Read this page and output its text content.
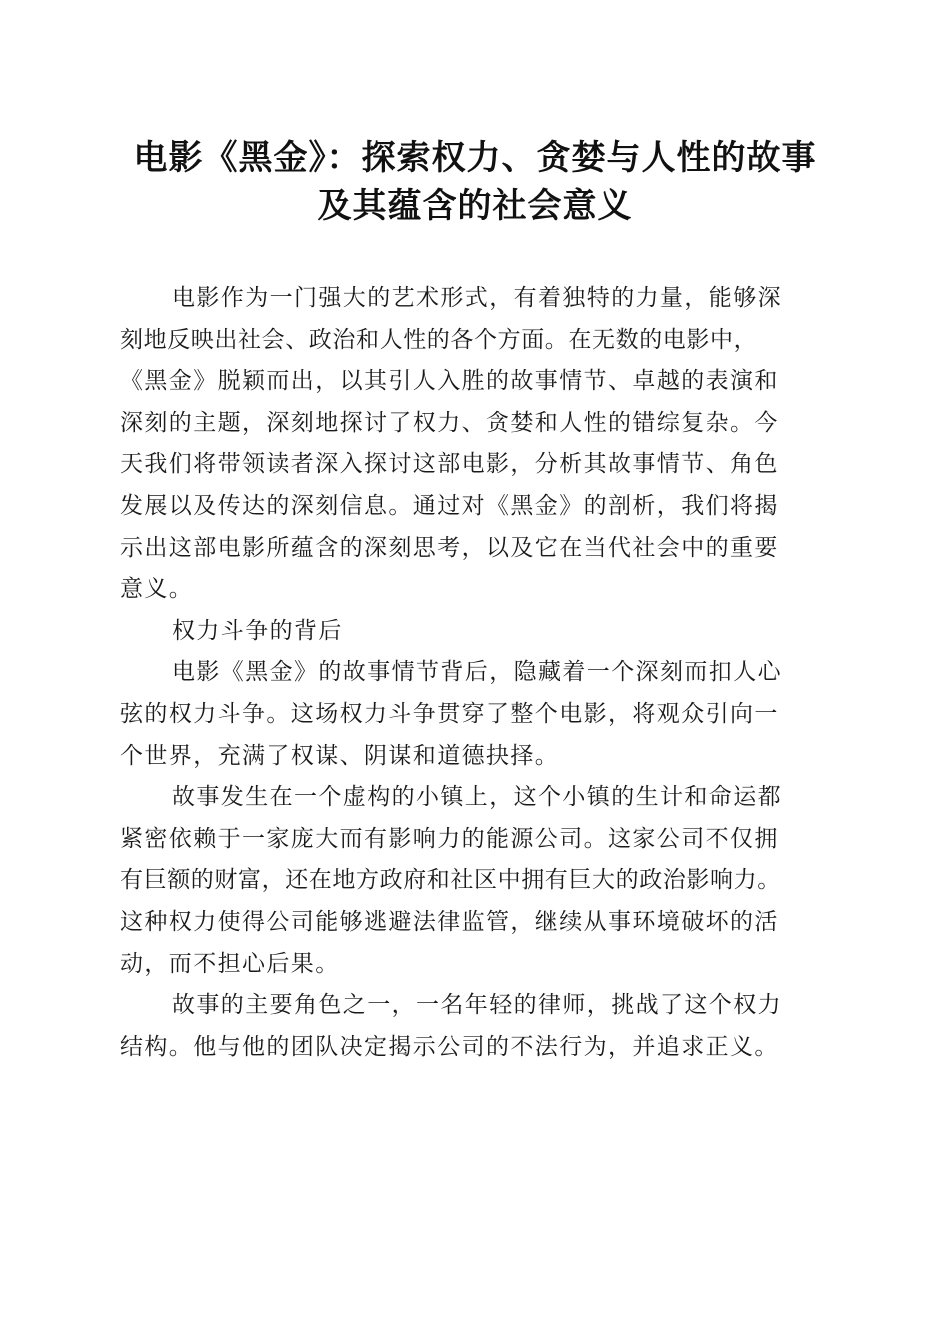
电影《黑金》：探索权力、贪婪与人性的故事
及其蕴含的社会意义
电影作为一门强大的艺术形式，有着独特的力量，能够深
刻地反映出社会、政治和人性的各个方面。在无数的电影中，
《黑金》脱颖而出，以其引人入胜的故事情节、卓越的表演和
深刻的主题，深刻地探讨了权力、贪婪和人性的错综复杂。今
天我们将带领读者深入探讨这部电影，分析其故事情节、角色
发展以及传达的深刻信息。通过对《黑金》的剖析，我们将揭
示出这部电影所蕴含的深刻思考，以及它在当代社会中的重要
意义。
权力斗争的背后
电影《黑金》的故事情节背后，隐藏着一个深刻而扣人心
弦的权力斗争。这场权力斗争贯穿了整个电影，将观众引向一
个世界，充满了权谋、阴谋和道德抉择。
故事发生在一个虚构的小镇上，这个小镇的生计和命运都
紧密依赖于一家庞大而有影响力的能源公司。这家公司不仅拥
有巨额的财富，还在地方政府和社区中拥有巨大的政治影响力。
这种权力使得公司能够逃避法律监管，继续从事环境破坏的活
动，而不担心后果。
故事的主要角色之一，一名年轻的律师，挑战了这个权力
结构。他与他的团队决定揭示公司的不法行为，并追求正义。
